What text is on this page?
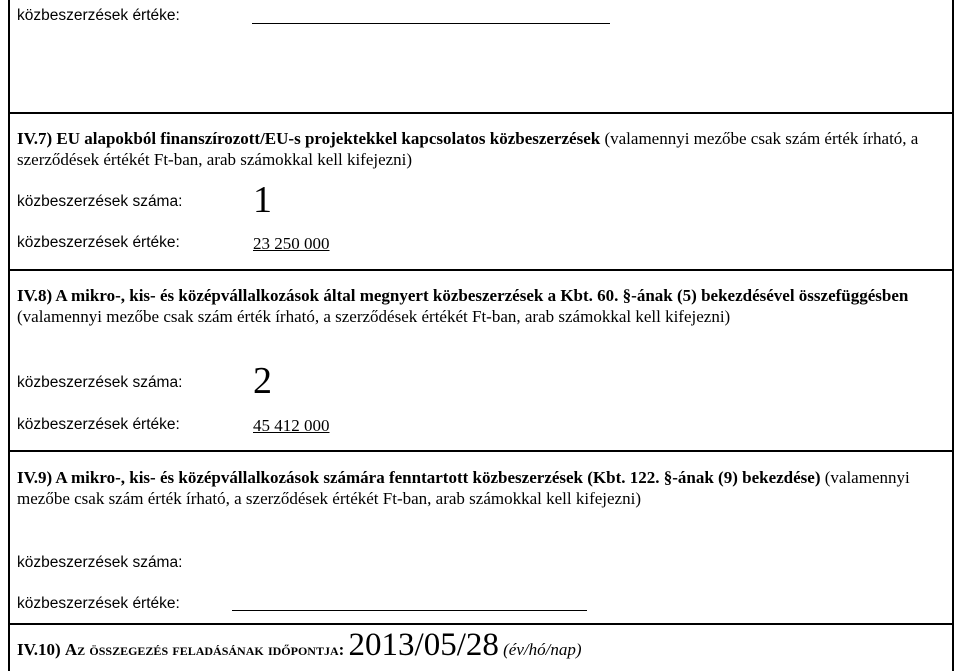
közbeszerzések értéke:
IV.7) EU alapokból finanszírozott/EU-s projektekkel kapcsolatos közbeszerzések (valamennyi mezőbe csak szám érték írható, a szerződések értékét Ft-ban, arab számokkal kell kifejezni)
közbeszerzések száma: 1
közbeszerzések értéke:	23 250 000
IV.8) A mikro-, kis- és középvállalkozások által megnyert közbeszerzések a Kbt. 60. §-ának (5) bekezdésével összefüggésben (valamennyi mezőbe csak szám érték írható, a szerződések értékét Ft-ban, arab számokkal kell kifejezni)
közbeszerzések száma: 2
közbeszerzések értéke:	45 412 000
IV.9) A mikro-, kis- és középvállalkozások számára fenntartott közbeszerzések (Kbt. 122. §-ának (9) bekezdése) (valamennyi mezőbe csak szám érték írható, a szerződések értékét Ft-ban, arab számokkal kell kifejezni)
közbeszerzések száma:
közbeszerzések értéke:
IV.10) Az összegezés feladásának időpontja: 2013/05/28 (év/hó/nap)
